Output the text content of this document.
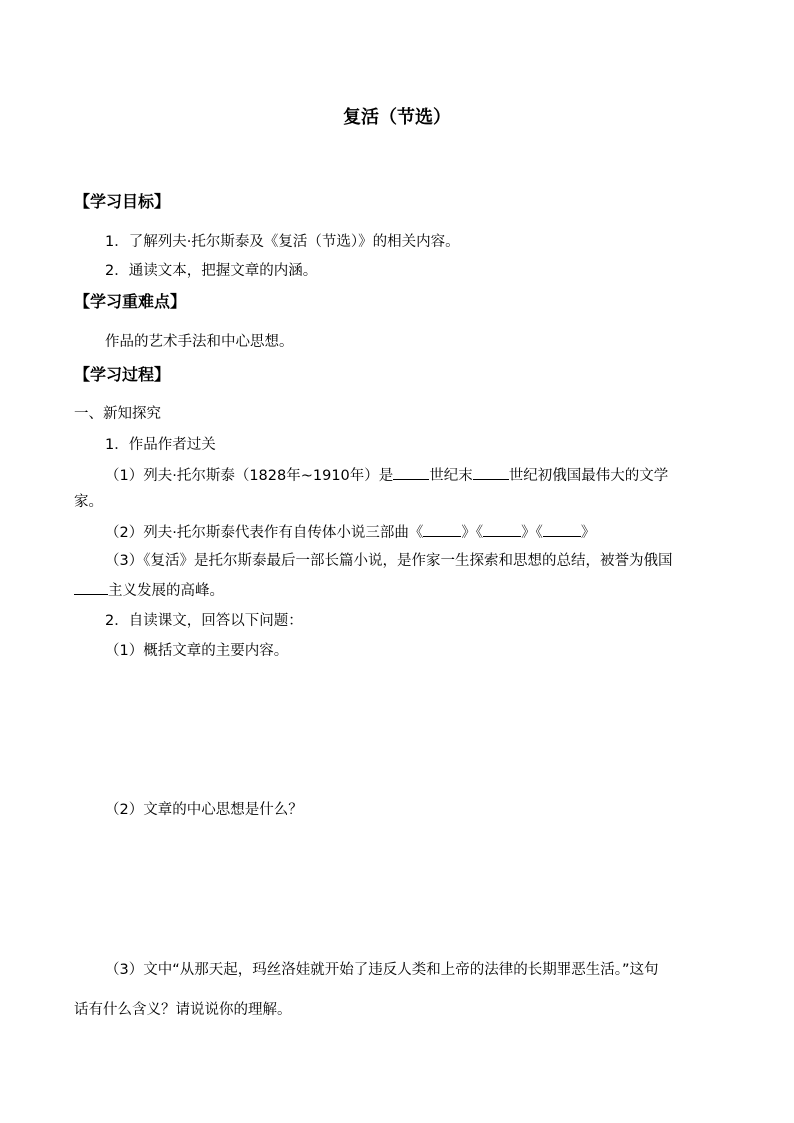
复活（节选）
【学习目标】
1．了解列夫·托尔斯泰及《复活（节选）》的相关内容。
2．通读文本，把握文章的内涵。
【学习重难点】
作品的艺术手法和中心思想。
【学习过程】
一、新知探究
1．作品作者过关
（1）列夫·托尔斯泰（1828年~1910年）是 世纪末 世纪初俄国最伟大的文学
家。
（2）列夫·托尔斯泰代表作有自传体小说三部曲《	》《	》《	》
（3）《复活》是托尔斯泰最后一部长篇小说，是作家一生探索和思想的总结，被誉为俄国
主义发展的高峰。
2．自读课文，回答以下问题：
（1）概括文章的主要内容。
（2）文章的中心思想是什么？
（3）文中“从那天起，玛丝洛娃就开始了违反人类和上帝的法律的长期罪恶生活。”这句
话有什么含义？请说说你的理解。
